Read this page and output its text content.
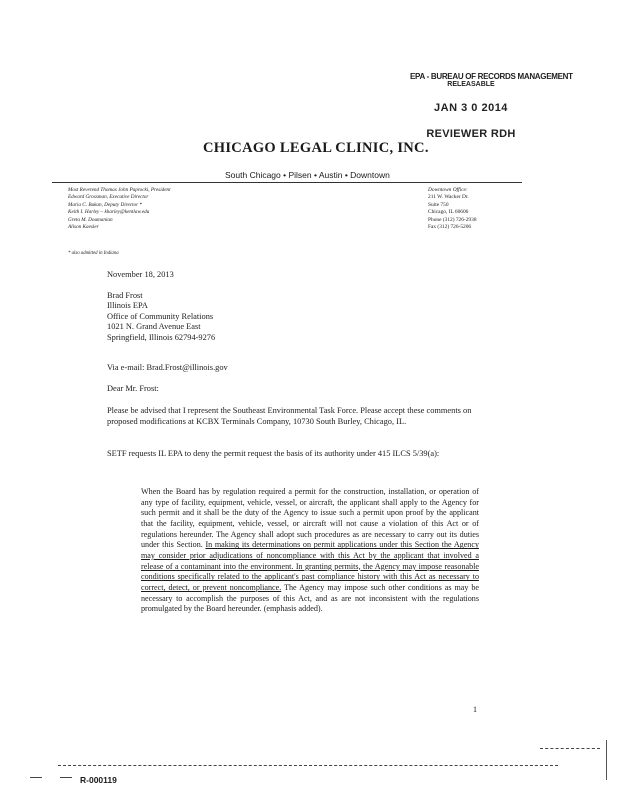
EPA - BUREAU OF RECORDS MANAGEMENT
RELEASABLE
JAN 3 0 2014
REVIEWER RDH
CHICAGO LEGAL CLINIC, INC.
South Chicago • Pilsen • Austin • Downtown
Most Reverend Thomas John Paprocki, President
Edward Grossman, Executive Director
Maria C. Bukan, Deputy Director *
Keith I. Harley – kharley@kentlaw.edu
Greta M. Doumanian
Alison Kaesler
Downtown Office:
211 W. Wacker Dr.
Suite 750
Chicago, IL 60606
Phone (312) 726-2938
Fax (312) 726-5206
* also admitted in Indiana
November 18, 2013
Brad Frost
Illinois EPA
Office of Community Relations
1021 N. Grand Avenue East
Springfield, Illinois 62794-9276
Via e-mail: Brad.Frost@illinois.gov
Dear Mr. Frost:
Please be advised that I represent the Southeast Environmental Task Force. Please accept these comments on proposed modifications at KCBX Terminals Company, 10730 South Burley, Chicago, IL.
SETF requests IL EPA to deny the permit request the basis of its authority under 415 ILCS 5/39(a):
When the Board has by regulation required a permit for the construction, installation, or operation of any type of facility, equipment, vehicle, vessel, or aircraft, the applicant shall apply to the Agency for such permit and it shall be the duty of the Agency to issue such a permit upon proof by the applicant that the facility, equipment, vehicle, vessel, or aircraft will not cause a violation of this Act or of regulations hereunder. The Agency shall adopt such procedures as are necessary to carry out its duties under this Section. In making its determinations on permit applications under this Section the Agency may consider prior adjudications of noncompliance with this Act by the applicant that involved a release of a contaminant into the environment. In granting permits, the Agency may impose reasonable conditions specifically related to the applicant's past compliance history with this Act as necessary to correct, detect, or prevent noncompliance. The Agency may impose such other conditions as may be necessary to accomplish the purposes of this Act, and as are not inconsistent with the regulations promulgated by the Board hereunder. (emphasis added).
1
R-000119
